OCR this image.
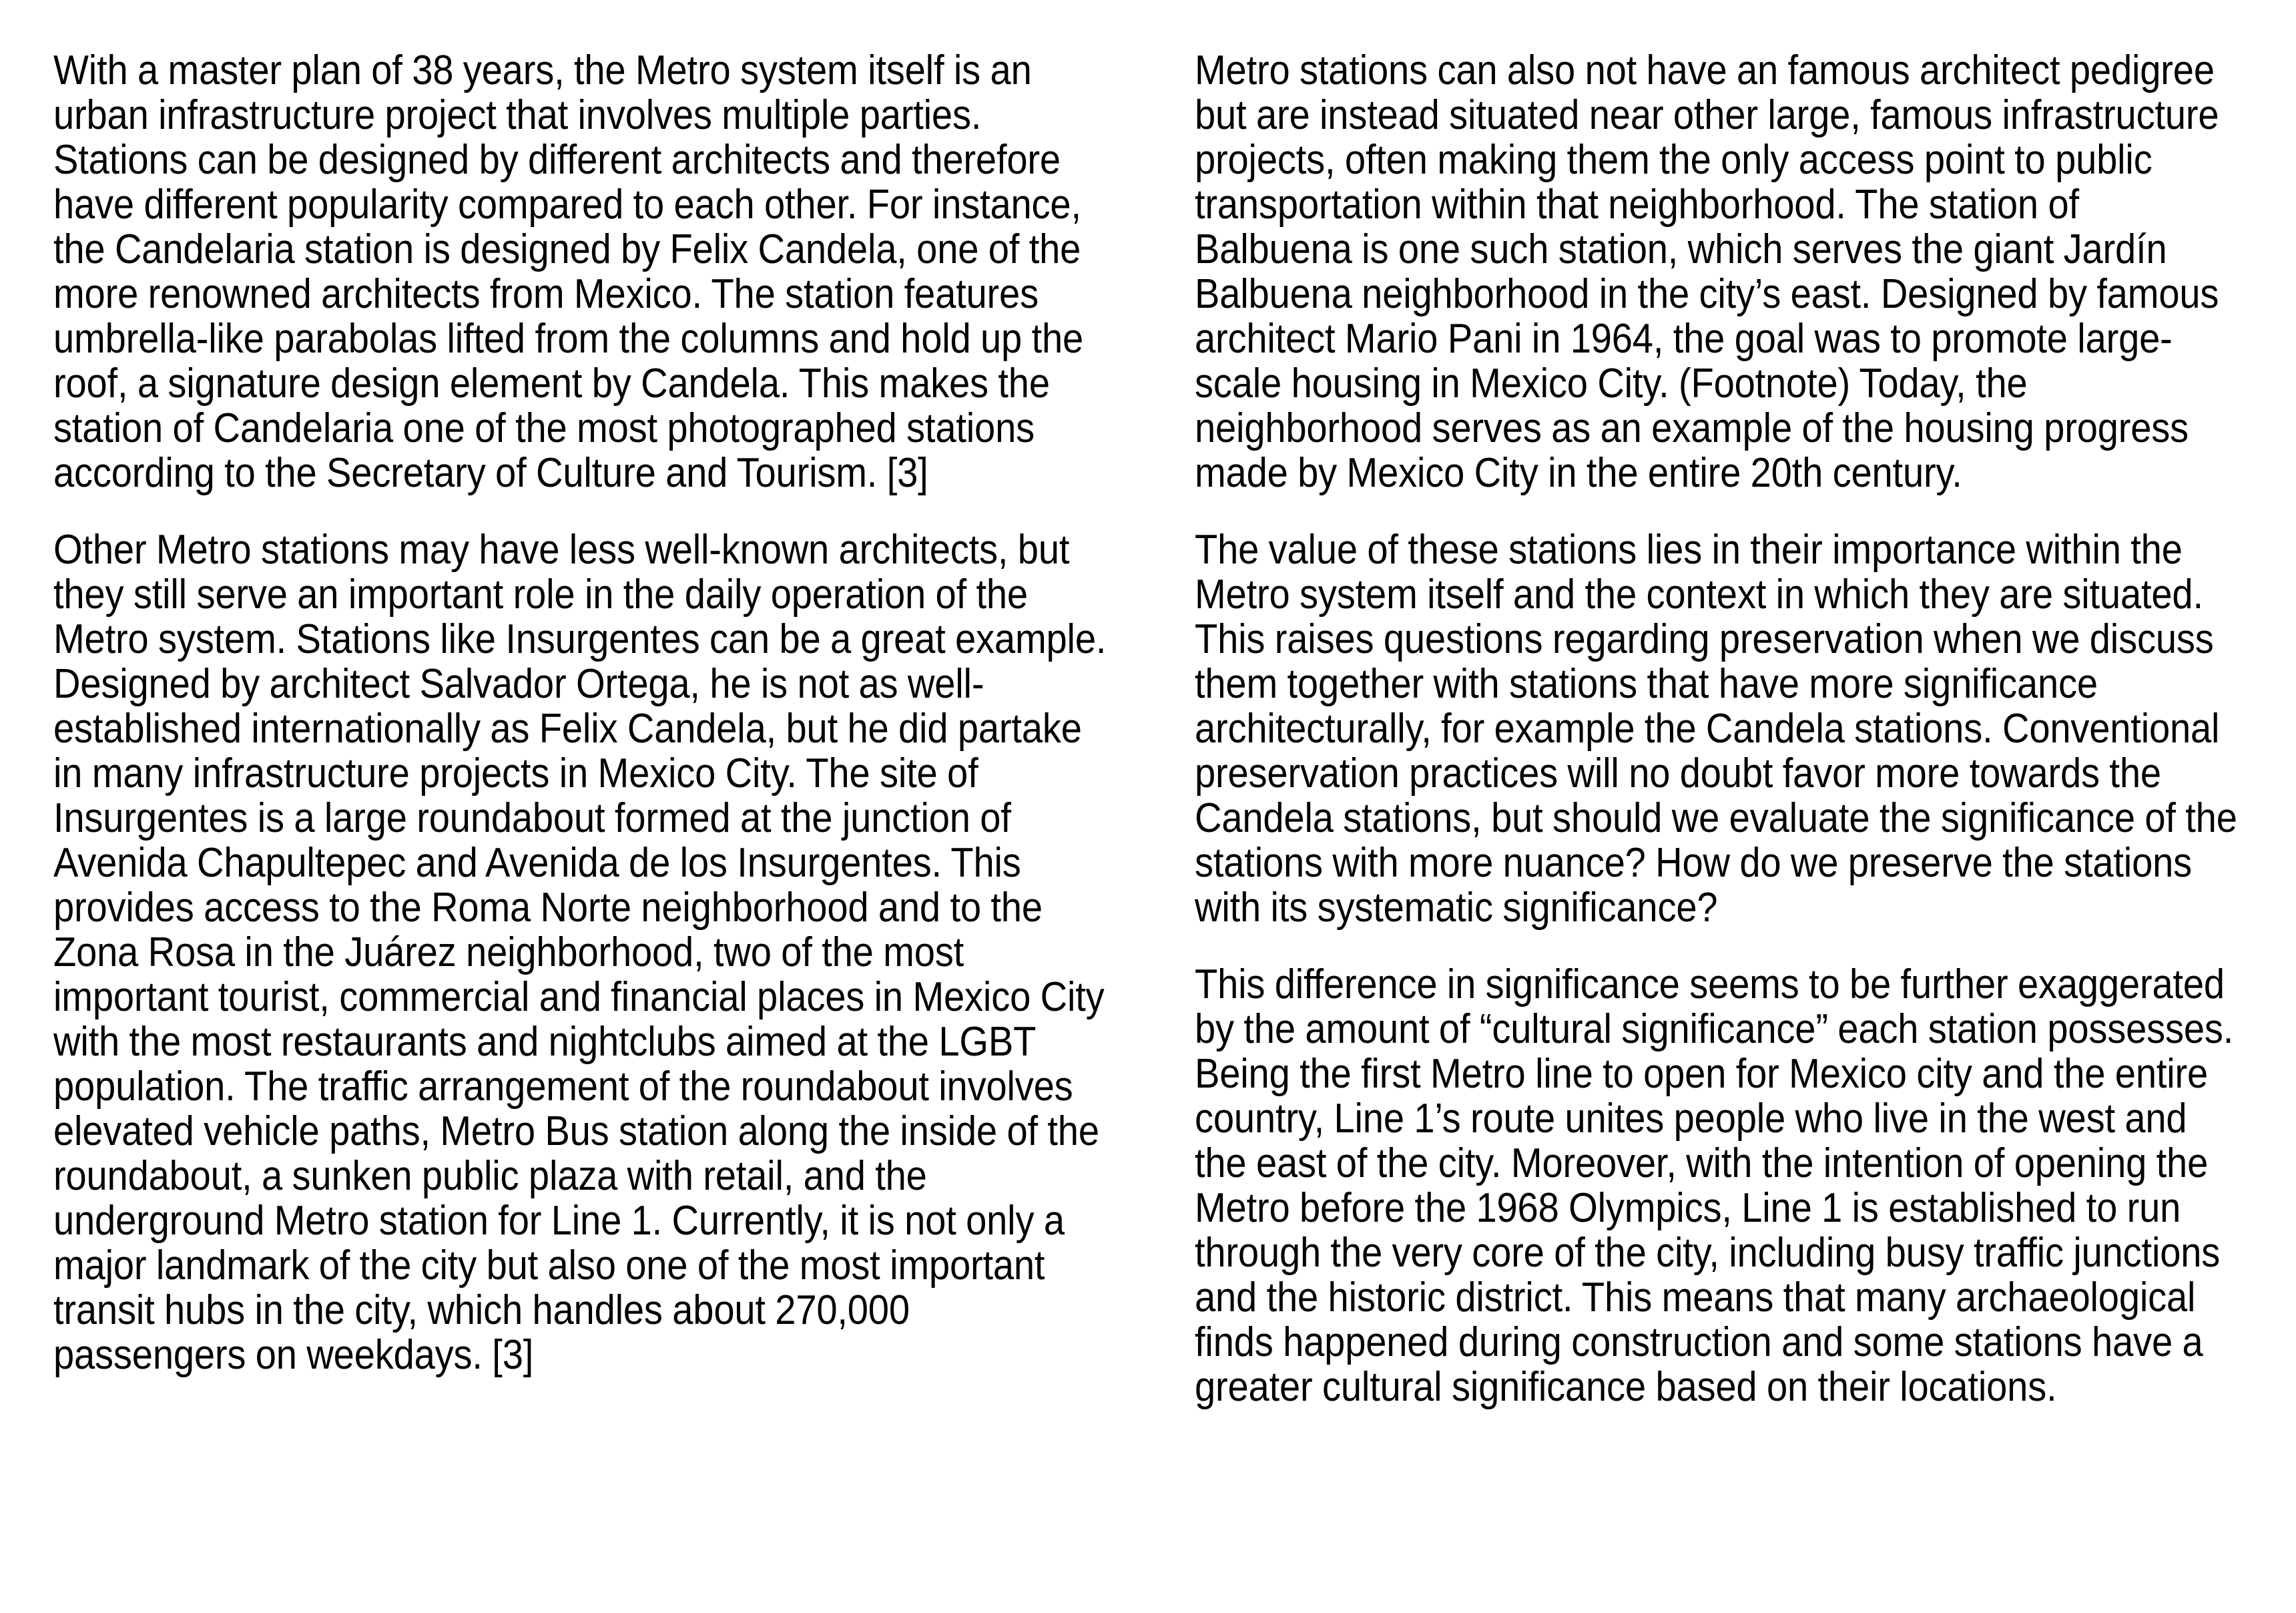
With a master plan of 38 years, the Metro system itself is an urban infrastructure project that involves multiple parties. Stations can be designed by different architects and therefore have different popularity compared to each other. For instance, the Candelaria station is designed by Felix Candela, one of the more renowned architects from Mexico. The station features umbrella-like parabolas lifted from the columns and hold up the roof, a signature design element by Candela. This makes the station of Candelaria one of the most photographed stations according to the Secretary of Culture and Tourism. [3]

Other Metro stations may have less well-known architects, but they still serve an important role in the daily operation of the Metro system. Stations like Insurgentes can be a great example. Designed by architect Salvador Ortega, he is not as well-established internationally as Felix Candela, but he did partake in many infrastructure projects in Mexico City. The site of Insurgentes is a large roundabout formed at the junction of Avenida Chapultepec and Avenida de los Insurgentes. This provides access to the Roma Norte neighborhood and to the Zona Rosa in the Juárez neighborhood, two of the most important tourist, commercial and financial places in Mexico City with the most restaurants and nightclubs aimed at the LGBT population. The traffic arrangement of the roundabout involves elevated vehicle paths, Metro Bus station along the inside of the roundabout, a sunken public plaza with retail, and the underground Metro station for Line 1. Currently, it is not only a major landmark of the city but also one of the most important transit hubs in the city, which handles about 270,000 passengers on weekdays. [3]

Metro stations can also not have an famous architect pedigree but are instead situated near other large, famous infrastructure projects, often making them the only access point to public transportation within that neighborhood. The station of Balbuena is one such station, which serves the giant Jardín Balbuena neighborhood in the city’s east. Designed by famous architect Mario Pani in 1964, the goal was to promote large-scale housing in Mexico City. (Footnote) Today, the neighborhood serves as an example of the housing progress made by Mexico City in the entire 20th century.

The value of these stations lies in their importance within the Metro system itself and the context in which they are situated. This raises questions regarding preservation when we discuss them together with stations that have more significance architecturally, for example the Candela stations. Conventional preservation practices will no doubt favor more towards the Candela stations, but should we evaluate the significance of the stations with more nuance? How do we preserve the stations with its systematic significance?

This difference in significance seems to be further exaggerated by the amount of “cultural significance” each station possesses. Being the first Metro line to open for Mexico city and the entire country, Line 1’s route unites people who live in the west and the east of the city. Moreover, with the intention of opening the Metro before the 1968 Olympics, Line 1 is established to run through the very core of the city, including busy traffic junctions and the historic district. This means that many archaeological finds happened during construction and some stations have a greater cultural significance based on their locations.
